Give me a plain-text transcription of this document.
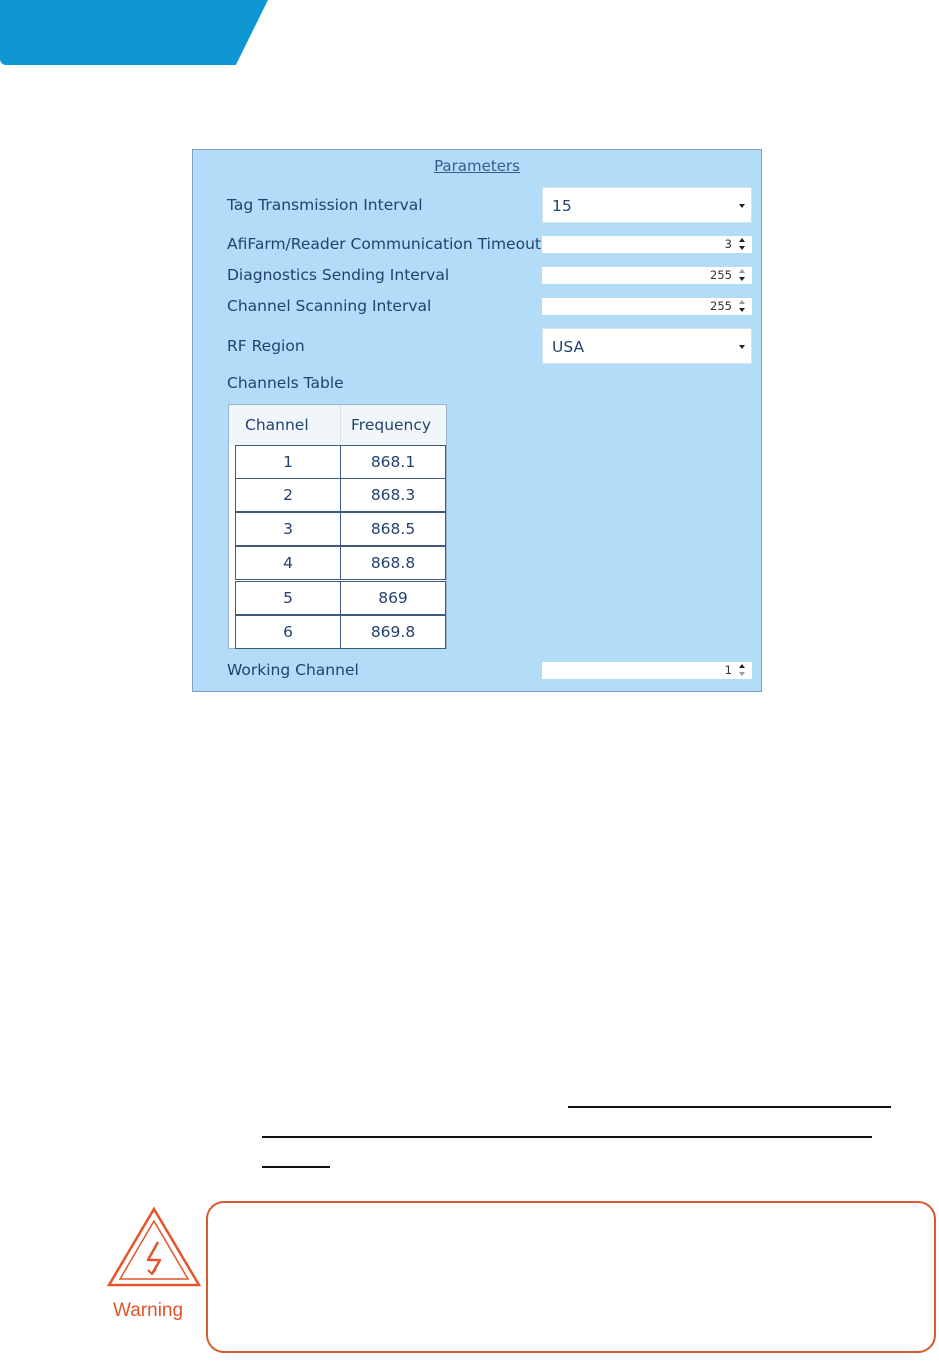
Parameters
Tag Transmission Interval	15
AfiFarm/Reader Communication Timeout	3
Diagnostics Sending Interval	255
Channel Scanning Interval	255
RF Region	USA
Channels Table
Channel	Frequency
1	868.1
2	868.3
3	868.5
4	868.8
5	869
6	869.8
Working Channel	1
Warning
